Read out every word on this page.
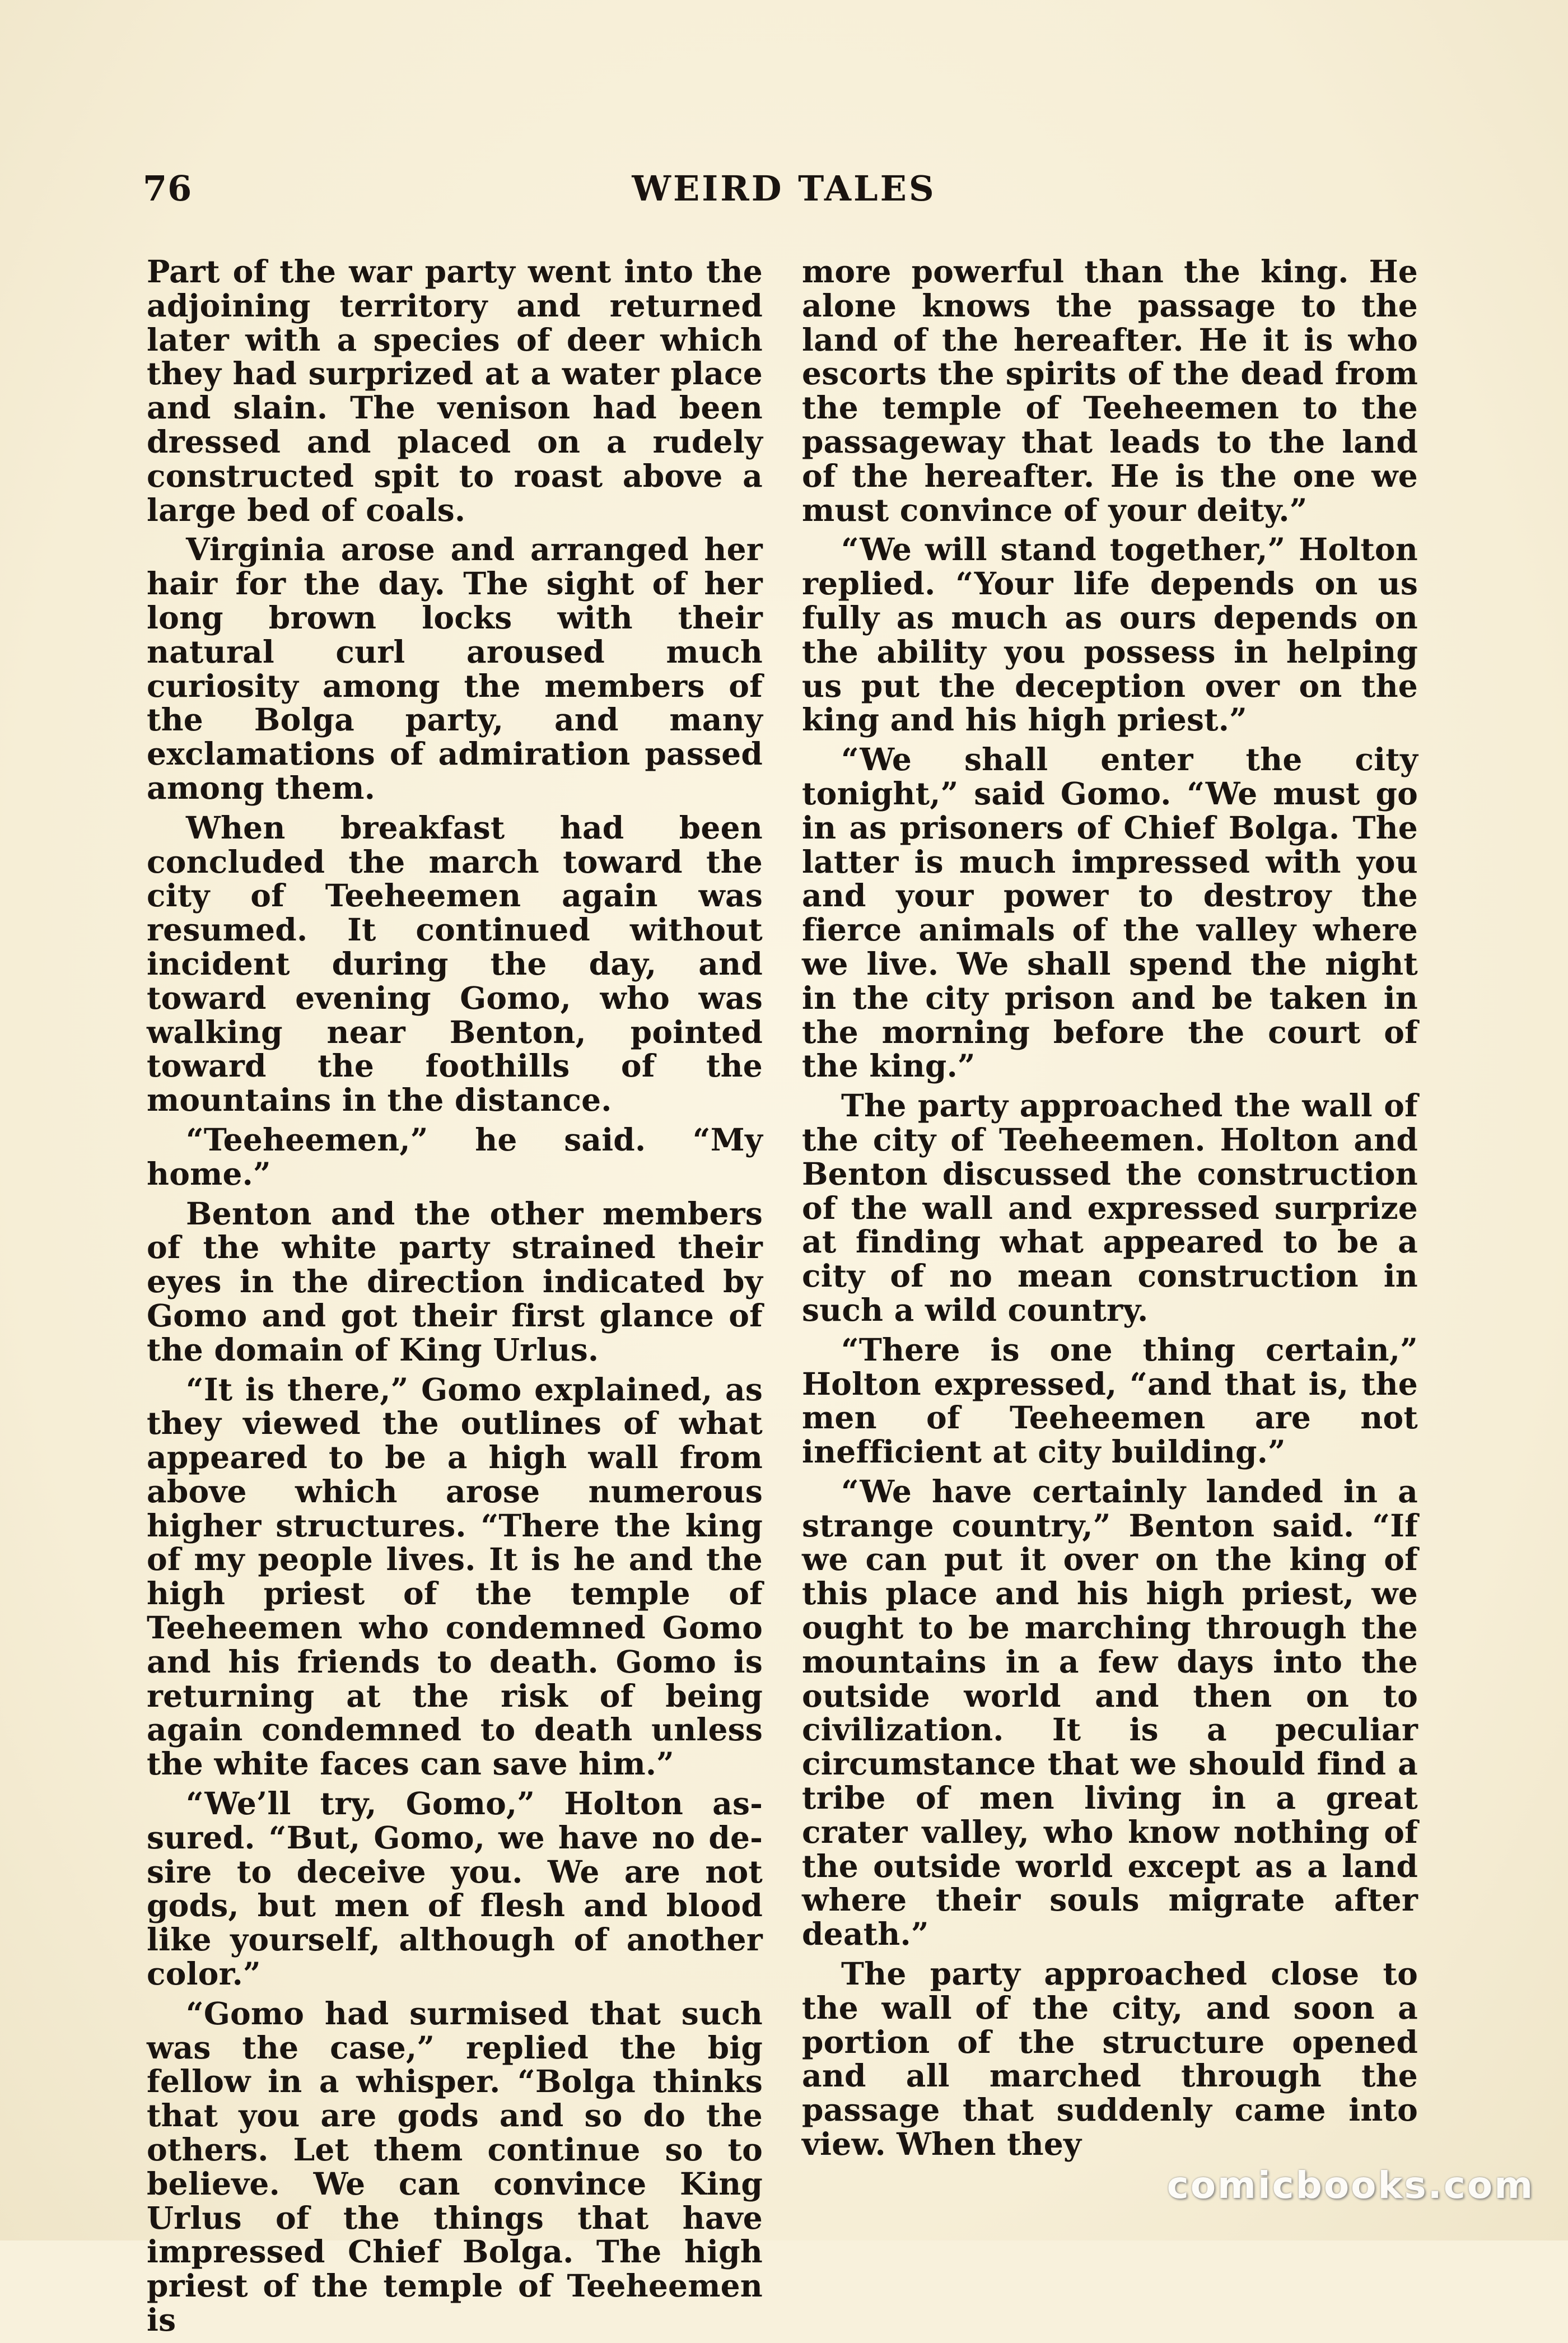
76	WEIRD TALES

Part of the war party went into the adjoining territory and returned later with a species of deer which they had surprized at a water place and slain. The venison had been dressed and placed on a rudely constructed spit to roast above a large bed of coals.

Virginia arose and arranged her hair for the day. The sight of her long brown locks with their natural curl aroused much curiosity among the members of the Bolga party, and many exclamations of admiration passed among them.

When breakfast had been concluded the march toward the city of Teeheemen again was resumed. It continued without incident during the day, and toward evening Gomo, who was walking near Benton, pointed toward the foothills of the mountains in the distance.

“Teeheemen,” he said. “My home.”

Benton and the other members of the white party strained their eyes in the direction indicated by Gomo and got their first glance of the domain of King Urlus.

“It is there,” Gomo explained, as they viewed the outlines of what appeared to be a high wall from above which arose numerous higher structures. “There the king of my people lives. It is he and the high priest of the temple of Teeheemen who condemned Gomo and his friends to death. Gomo is returning at the risk of being again condemned to death unless the white faces can save him.”

“We’ll try, Gomo,” Holton assured. “But, Gomo, we have no desire to deceive you. We are not gods, but men of flesh and blood like yourself, although of another color.”

“Gomo had surmised that such was the case,” replied the big fellow in a whisper. “Bolga thinks that you are gods and so do the others. Let them continue so to believe. We can convince King Urlus of the things that have impressed Chief Bolga. The high priest of the temple of Teeheemen is

more powerful than the king. He alone knows the passage to the land of the hereafter. He it is who escorts the spirits of the dead from the temple of Teeheemen to the passageway that leads to the land of the hereafter. He is the one we must convince of your deity.”

“We will stand together,” Holton replied. “Your life depends on us fully as much as ours depends on the ability you possess in helping us put the deception over on the king and his high priest.”

“We shall enter the city tonight,” said Gomo. “We must go in as prisoners of Chief Bolga. The latter is much impressed with you and your power to destroy the fierce animals of the valley where we live. We shall spend the night in the city prison and be taken in the morning before the court of the king.”

The party approached the wall of the city of Teeheemen. Holton and Benton discussed the construction of the wall and expressed surprize at finding what appeared to be a city of no mean construction in such a wild country.

“There is one thing certain,” Holton expressed, “and that is, the men of Teeheemen are not inefficient at city building.”

“We have certainly landed in a strange country,” Benton said. “If we can put it over on the king of this place and his high priest, we ought to be marching through the mountains in a few days into the outside world and then on to civilization. It is a peculiar circumstance that we should find a tribe of men living in a great crater valley, who know nothing of the outside world except as a land where their souls migrate after death.”

The party approached close to the wall of the city, and soon a portion of the structure opened and all marched through the passage that suddenly came into view. When they

comicbooks.com
